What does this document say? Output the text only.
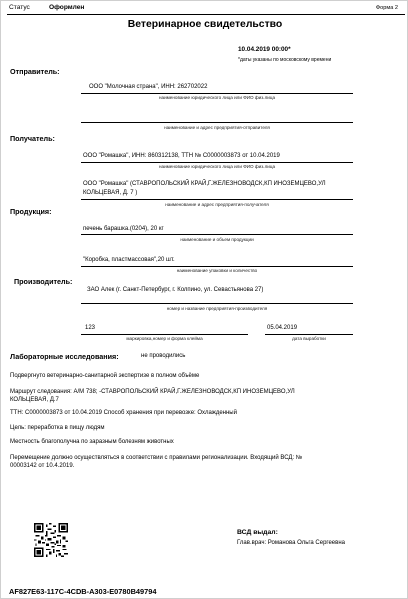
Статус	Оформлен	Форма 2
Ветеринарное свидетельство
10.04.2019 00:00*
*даты указаны по московскому времени
Отправитель:
ООО "Молочная страна", ИНН: 262702022
наименование юридического лица или ФИО физ.лица
наименование и адрес предприятия-отправителя
Получатель:
ООО "Ромашка", ИНН: 860312138, ТТН № C0000003873 от 10.04.2019
наименование юридического лица или ФИО физ.лица
ООО "Ромашка" (СТАВРОПОЛЬСКИЙ КРАЙ,Г.ЖЕЛЕЗНОВОДСК,КП ИНОЗЕМЦЕВО,УЛ
КОЛЬЦЕВАЯ, Д. 7 )
наименование и адрес предприятия-получателя
Продукция:
печень барашка.(0204), 20 кг
наименование и объем продукции
"Коробка, пластмассовая",20 шт.
наименование упаковки и количество
Производитель:
ЗАО Алек (г. Санкт-Петербург, г. Колпино, ул. Севастьянова 27)
номер и название предприятия-производителя
123
маркировка,номер и форма клейма
05.04.2019
дата выработки
Лабораторные исследования:	не проводились
Подвергнуто ветеринарно-санитарной экспертизе в полном объёме
Маршрут следования: А/М 738; -СТАВРОПОЛЬСКИЙ КРАЙ,Г.ЖЕЛЕЗНОВОДСК,КП ИНОЗЕМЦЕВО,УЛ
КОЛЬЦЕВАЯ, Д.7
ТТН: C0000003873 от 10.04.2019 Способ хранения при перевозке: Охлажденный
Цель: переработка в пищу людям
Местность благополучна по заразным болезням животных
Перемещение должно осуществляться в соответствии с правилами регионализации. Входящий ВСД: №
00003142 от 10.4.2019.
ВСД выдал:
Глав.врач: Романова Ольга Сергеевна
AF827E63-117C-4CDB-A303-E0780B49794
